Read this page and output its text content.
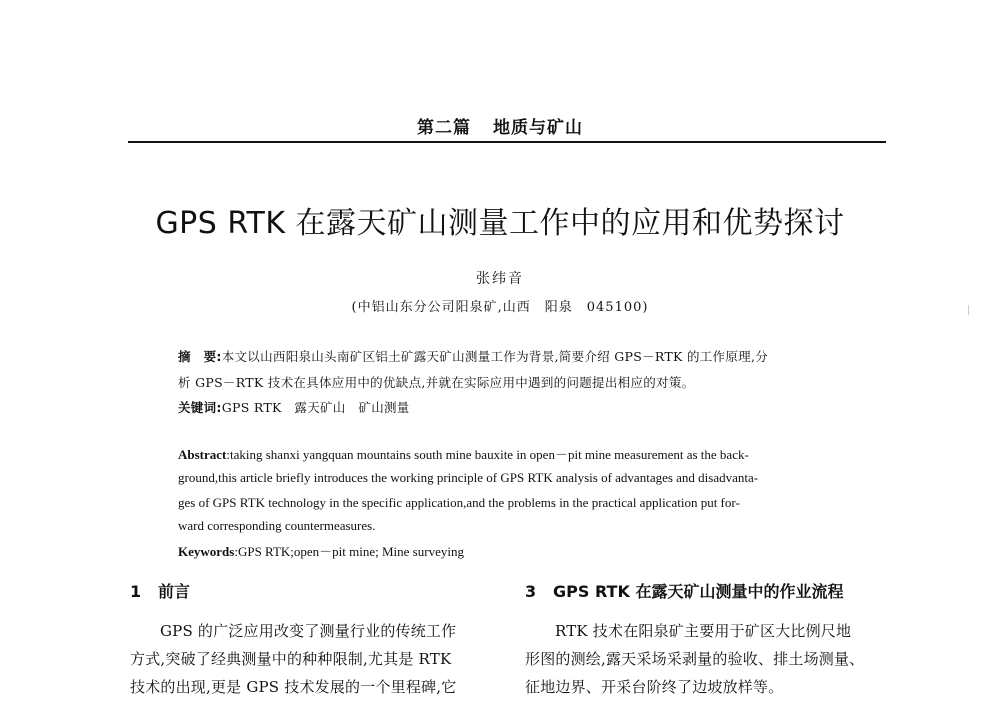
第二篇 地质与矿山
GPS RTK 在露天矿山测量工作中的应用和优势探讨
张纬音
(中铝山东分公司阳泉矿,山西　阳泉　045100)
摘　要:本文以山西阳泉山头南矿区铝土矿露天矿山测量工作为背景,简要介绍 GPS－RTK 的工作原理,分
析 GPS－RTK 技术在具体应用中的优缺点,并就在实际应用中遇到的问题提出相应的对策。
关键词:GPS RTK　露天矿山　矿山测量
Abstract:taking shanxi yangquan mountains south mine bauxite in open－pit mine measurement as the back-
ground,this article briefly introduces the working principle of GPS RTK analysis of advantages and disadvanta-
ges of GPS RTK technology in the specific application,and the problems in the practical application put for-
ward corresponding countermeasures.
Keywords:GPS RTK;open－pit mine; Mine surveying
1 前言
GPS 的广泛应用改变了测量行业的传统工作
方式,突破了经典测量中的种种限制,尤其是 RTK
技术的出现,更是 GPS 技术发展的一个里程碑,它
3 GPS RTK 在露天矿山测量中的作业流程
RTK 技术在阳泉矿主要用于矿区大比例尺地
形图的测绘,露天采场采剥量的验收、排土场测量、
征地边界、开采台阶终了边坡放样等。
